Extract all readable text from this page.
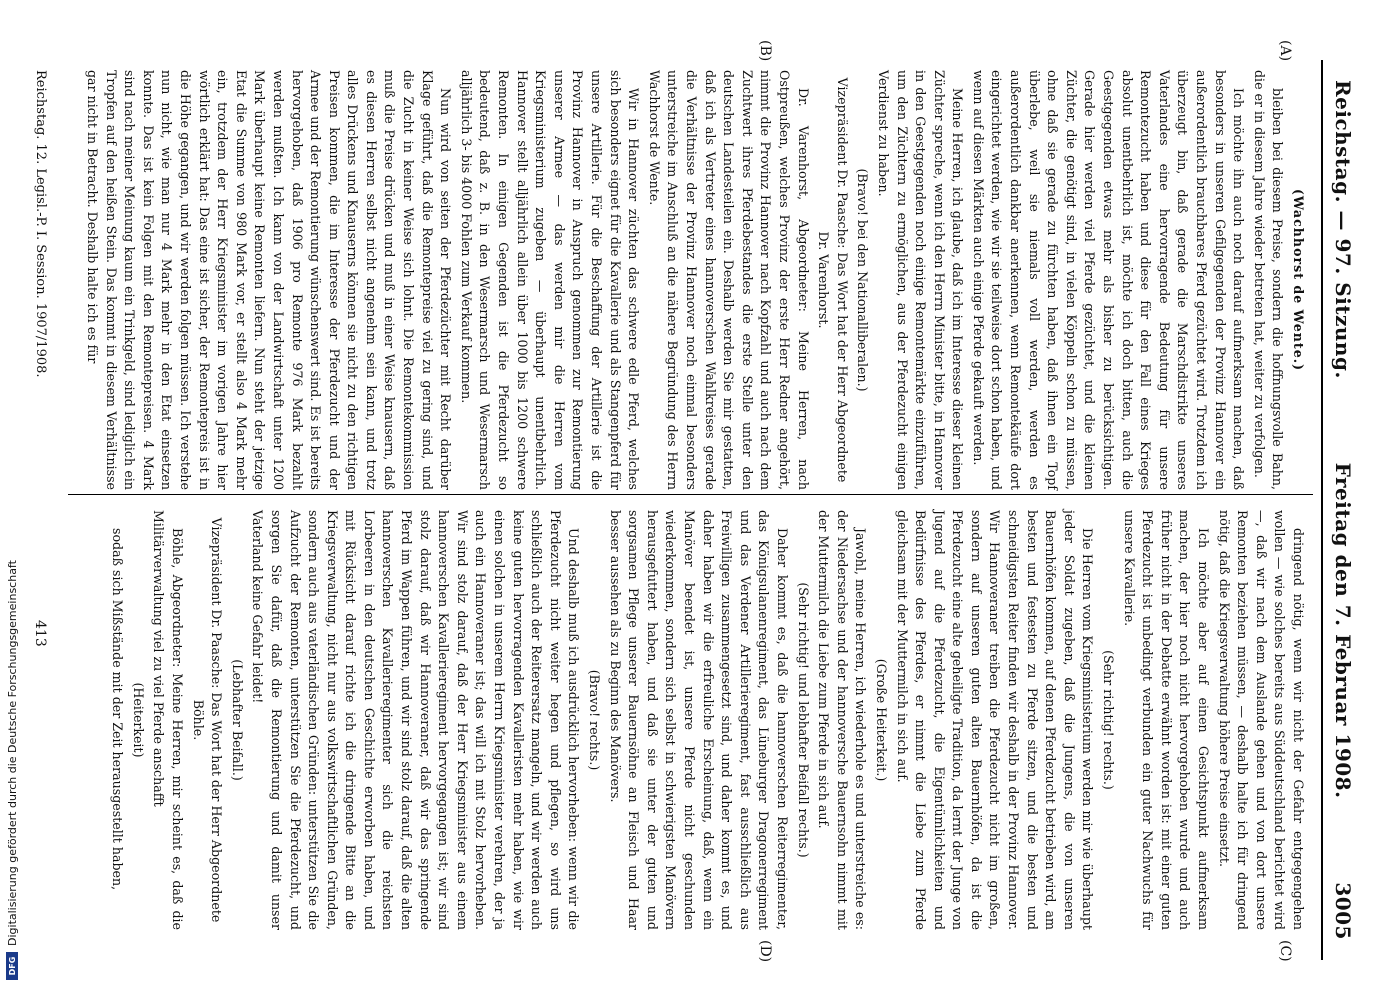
Reichstag. — 97. Sitzung.
Freitag den 7. Februar 1908.
3005
(A)
(B)
(C)
(D)

(Wachhorst de Wente.)

bleiben bei diesem Preise, sondern die hoffnungsvolle Bahn, die er in diesem Jahre wieder betreten hat, weiter zu verfolgen.

Ich möchte ihn auch noch darauf aufmerksam machen, daß besonders in unseren Gefilgegenden der Provinz Hannover ein außerordentlich brauchbares Pferd gezüchtet wird. Trotzdem ich überzeugt bin, daß gerade die Marschdistrikte unseres Vaterlandes eine hervorragende Bedeutung für unsere Remontezucht haben und diese für den Fall eines Krieges absolut unentbehrlich ist, möchte ich doch bitten, auch die Geestgegenden etwas mehr als bisher zu berücksichtigen. Gerade hier werden viel Pferde gezüchtet, und die kleinen Züchter, die genötigt sind, in vielen Köppeln schon zu müssen, ohne daß sie gerade zu fürchten haben, daß ihnen ein Topf überlebe, weil sie niemals voll werden, werden es außerordentlich dankbar anerkennen, wenn Remontekäufe dort eingerichtet werden, wie wir sie teilweise dort schon haben, und wenn auf diesen Märkten auch einige Pferde gekauft werden.

Meine Herren, ich glaube, daß ich im Interesse dieser kleinen Züchter spreche, wenn ich den Herrn Minister bitte, in Hannover in den Geestgegenden noch einige Remontemärkte einzuführen, um den Züchtern zu ermöglichen, aus der Pferdezucht einigen Verdienst zu haben.

(Bravo! bei den Nationalliberalen.)

Vizepräsident Dr. Paasche: Das Wort hat der Herr Abgeordnete Dr. Varenhorst.

Dr. Varenhorst, Abgeordneter: Meine Herren, nach Ostpreußen, welches Provinz der erste Herr Redner angehört, nimmt die Provinz Hannover nach Kopfzahl und auch nach dem Zuchtwert ihres Pferdebestandes die erste Stelle unter den deutschen Landesteilen ein. Deshalb werden Sie mir gestatten, daß ich als Vertreter eines hannoverschen Wahlkreises gerade die Verhältnisse der Provinz Hannover noch einmal besonders unterstreiche im Anschluß an die nähere Begründung des Herrn Wachhorst de Wente.

Wir in Hannover züchten das schwere edle Pferd, welches sich besonders eignet für die Kavallerie und als Stangenpferd für unsere Artillerie. Für die Beschaffung der Artillerie ist die Provinz Hannover in Anspruch genommen zur Remontierung unserer Armee — das werden mir die Herren vom Kriegsministerium zugeben — überhaupt unentbehrlich. Hannover stellt alljährlich allein über 1000 bis 1200 schwere Remonten. In einigen Gegenden ist die Pferdezucht so bedeutend, daß z. B. in den Wesermarsch und Wesermarsch alljährlich 3- bis 4000 Fohlen zum Verkauf kommen.

Nun wird von seiten der Pferdezüchter mit Recht darüber Klage geführt, daß die Remontepreise viel zu gering sind, und die Zucht in keiner Weise sich lohnt. Die Remontekommission muß die Preise drücken und muß in einer Weise knausern, daß es diesen Herren selbst nicht angenehm sein kann, und trotz alles Drückens und Knauserns können sie nicht zu den richtigen Preisen kommen, die im Interesse der Pferdezucht und der Armee und der Remontierung wünschenswert sind. Es ist bereits hervorgehoben, daß 1906 pro Remonte 976 Mark bezahlt werden mußten. Ich kann von der Landwirtschaft unter 1200 Mark überhaupt keine Remonten liefern. Nun steht der jetzige Etat die Summe von 980 Mark vor, er stellt also 4 Mark mehr ein, trotzdem der Herr Kriegsminister im vorigen Jahre hier wörtlich erklärt hat: Das eine ist sicher, der Remontepreis ist in die Höhe gegangen, und wir werden folgen müssen. Ich verstehe nun nicht, wie man nur 4 Mark mehr in den Etat einsetzen konnte. Das ist kein Folgen mit den Remontepreisen. 4 Mark sind nach meiner Meinung kaum ein Trinkgeld, sind lediglich ein Tropfen auf den heißen Stein. Das kommt in diesem Verhältnisse gar nicht in Betracht. Deshalb halte ich es für

dringend nötig, wenn wir nicht der Gefahr entgegengehen wollen — wie solches bereits aus Süddeutschland berichtet wird —, daß wir nach dem Auslande gehen und von dort unsere Remonten beziehen müssen, — deshalb halte ich für dringend nötig, daß die Kriegsverwaltung höhere Preise einsetzt.

Ich möchte aber auf einen Gesichtspunkt aufmerksam machen, der hier noch nicht hervorgehoben wurde und auch früher nicht in der Debatte erwähnt worden ist: mit einer guten Pferdezucht ist unbedingt verbunden ein guter Nachwuchs für unsere Kavallerie.

(Sehr richtig! rechts.)

Die Herren vom Kriegsministerium werden mir wie überhaupt jeder Soldat zugeben, daß die Jungens, die von unseren Bauernhöfen kommen, auf denen Pferdezucht betrieben wird, am besten und festesten zu Pferde sitzen, und die besten und schneidigsten Reiter finden wir deshalb in der Provinz Hannover. Wir Hannoveraner treiben die Pferdezucht nicht im großen, sondern auf unseren guten alten Bauernhöfen, da ist die Pferdezucht eine alte geheiligte Tradition, da lernt der Junge von Jugend auf die Pferdezucht, die Eigentümlichkeiten und Bedürfnisse des Pferdes, er nimmt die Liebe zum Pferde gleichsam mit der Muttermilch in sich auf.

(Große Heiterkeit.)

Jawohl, meine Herren, ich wiederhole es und unterstreiche es: der Niedersachse und der hannoversche Bauernsohn nimmt mit der Muttermilch die Liebe zum Pferde in sich auf.

(Sehr richtig! und lebhafter Beifall rechts.)

Daher kommt es, daß die hannoverschen Reiterregimenter, das Königsulanenregiment, das Lüneburger Dragonerregiment und das Verdener Artillerieregiment, fast ausschließlich aus Freiwilligen zusammengesetzt sind, und daher kommt es, und daher haben wir die erfreuliche Erscheinung, daß, wenn ein Manöver beendet ist, unsere Pferde nicht geschunden wiederkommen, sondern sich selbst in schwierigsten Manövern herausgefuttert haben, und daß sie unter der guten und sorgsamen Pflege unserer Bauernsöhne an Fleisch und Haar besser aussehen als zu Beginn des Manövers.

(Bravo! rechts.)

Und deshalb muß ich ausdrücklich hervorheben: wenn wir die Pferdezucht nicht weiter hegen und pflegen, so wird uns schließlich auch der Reiterersatz mangeln, und wir werden auch keine guten hervorragenden Kavalleristen mehr haben, wie wir einen solchen in unserem Herrn Kriegsminister verehren, der ja auch ein Hannoveraner ist; das will ich mit Stolz hervorheben. Wir sind stolz darauf, daß der Herr Kriegsminister aus einem hannoverschen Kavallerieregiment hervorgegangen ist; wir sind stolz darauf, daß wir Hannoveraner, daß wir das springende Pferd im Wappen führen, und wir sind stolz darauf, daß die alten hannoverschen Kavallerieregimenter sich die reichsten Lorbeeren in den deutschen Geschichte erworben haben, und mit Rücksicht darauf richte ich die dringende Bitte an die Kriegsverwaltung, nicht nur aus volkswirtschaftlichen Gründen, sondern auch aus vaterländischen Gründen: unterstützen Sie die Aufzucht der Remonten, unterstützen Sie die Pferdezucht, und sorgen Sie dafür, daß die Remontierung und damit unser Vaterland keine Gefahr leidet!

(Lebhafter Beifall.)

Vizepräsident Dr. Paasche: Das Wort hat der Herr Abgeordnete Böhle.

Böhle, Abgeordneter: Meine Herren, mir scheint es, daß die Militärverwaltung viel zu viel Pferde anschafft

(Heiterkeit)

sodaß sich Mißstände mit der Zeit herausgestellt haben,

Reichstag. 12. Legisl.-P. I. Session. 1907/1908.
413
DFG
Digitalisierung gefördert durch die Deutsche Forschungsgemeinschaft
